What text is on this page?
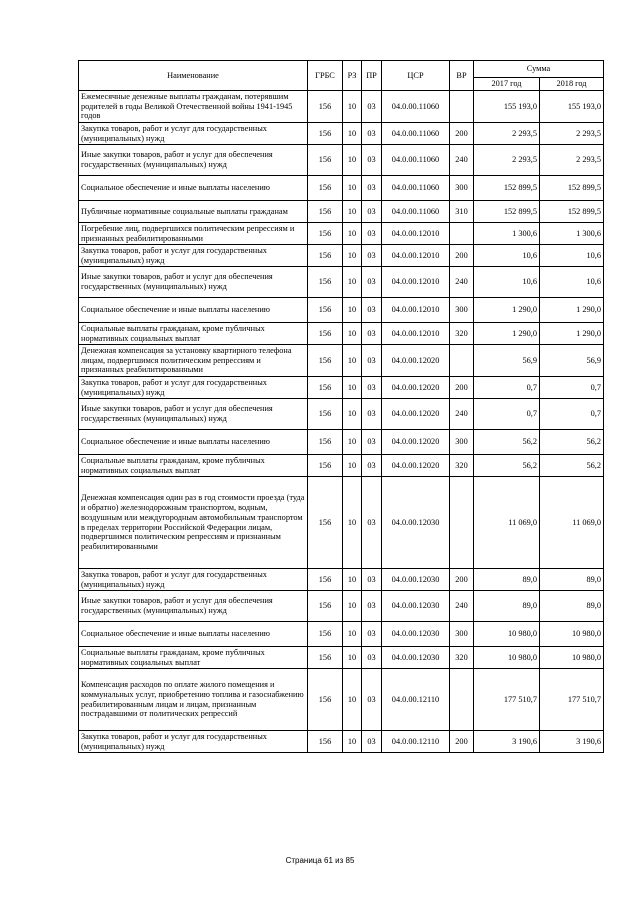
Наименование	ГРБС	РЗ	ПР	ЦСР	ВР	Сумма	
						2017 год	2018 год
Ежемесячные денежные выплаты гражданам, потерявшим родителей в годы Великой Отечественной войны 1941-1945 годов	156	10	03	04.0.00.11060		155 193,0	155 193,0
Закупка товаров, работ и услуг для государственных (муниципальных) нужд	156	10	03	04.0.00.11060	200	2 293,5	2 293,5
Иные закупки товаров, работ и услуг для обеспечения государственных (муниципальных) нужд	156	10	03	04.0.00.11060	240	2 293,5	2 293,5
Социальное обеспечение и иные выплаты населению	156	10	03	04.0.00.11060	300	152 899,5	152 899,5
Публичные нормативные социальные выплаты гражданам	156	10	03	04.0.00.11060	310	152 899,5	152 899,5
Погребение лиц, подвергшихся политическим репрессиям и признанных реабилитированными	156	10	03	04.0.00.12010		1 300,6	1 300,6
Закупка товаров, работ и услуг для государственных (муниципальных) нужд	156	10	03	04.0.00.12010	200	10,6	10,6
Иные закупки товаров, работ и услуг для обеспечения государственных (муниципальных) нужд	156	10	03	04.0.00.12010	240	10,6	10,6
Социальное обеспечение и иные выплаты населению	156	10	03	04.0.00.12010	300	1 290,0	1 290,0
Социальные выплаты гражданам, кроме публичных нормативных социальных выплат	156	10	03	04.0.00.12010	320	1 290,0	1 290,0
Денежная компенсация за установку квартирного телефона лицам, подвергшимся политическим репрессиям и признанных реабилитированными	156	10	03	04.0.00.12020		56,9	56,9
Закупка товаров, работ и услуг для государственных (муниципальных) нужд	156	10	03	04.0.00.12020	200	0,7	0,7
Иные закупки товаров, работ и услуг для обеспечения государственных (муниципальных) нужд	156	10	03	04.0.00.12020	240	0,7	0,7
Социальное обеспечение и иные выплаты населению	156	10	03	04.0.00.12020	300	56,2	56,2
Социальные выплаты гражданам, кроме публичных нормативных социальных выплат	156	10	03	04.0.00.12020	320	56,2	56,2
Денежная компенсация один раз в год стоимости проезда (туда и обратно) железнодорожным транспортом, водным, воздушным или междугородным автомобильным транспортом в пределах территории Российской Федерации лицам, подвергшимся политическим репрессиям и признанным реабилитированными	156	10	03	04.0.00.12030		11 069,0	11 069,0
Закупка товаров, работ и услуг для государственных (муниципальных) нужд	156	10	03	04.0.00.12030	200	89,0	89,0
Иные закупки товаров, работ и услуг для обеспечения государственных (муниципальных) нужд	156	10	03	04.0.00.12030	240	89,0	89,0
Социальное обеспечение и иные выплаты населению	156	10	03	04.0.00.12030	300	10 980,0	10 980,0
Социальные выплаты гражданам, кроме публичных нормативных социальных выплат	156	10	03	04.0.00.12030	320	10 980,0	10 980,0
Компенсация расходов по оплате жилого помещения и коммунальных услуг, приобретению топлива и газоснабжению реабилитированным лицам и лицам, признанным пострадавшими от политических репрессий	156	10	03	04.0.00.12110		177 510,7	177 510,7
Закупка товаров, работ и услуг для государственных (муниципальных) нужд	156	10	03	04.0.00.12110	200	3 190,6	3 190,6
Страница 61 из 85
